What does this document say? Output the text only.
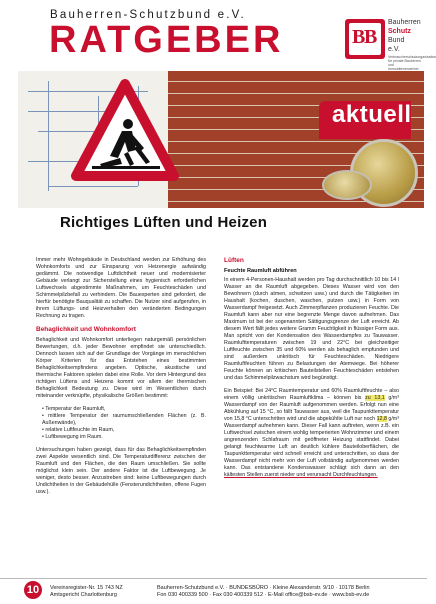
Bauherren-Schutzbund e.V.
RATGEBER	B
B
Bauherren
Schutz
Bund
e.V.
Verbraucherschutzorganisation für private Bauherren und Immobilienerwerber
aktuell
Richtiges Lüften und Heizen

Immer mehr Wohngebäude in Deutschland werden zur Erhöhung des Wohnkomforts und zur Einsparung von Heizenergie aufwändig gedämmt. Die notwendige Luftdichtheit neuer und modernisierter Gebäude verlangt zur Sicherstellung eines hygienisch erforderlichen Luftwechsels abgestimmte Maßnahmen, um Feuchteschäden und Schimmelpilzbefall zu verhindern. Die Bauexperten sind gefordert, die hierfür benötigte Bauqualität zu schaffen. Die Nutzer sind aufgerufen, in ihrem Lüftungs- und Heizverhalten den veränderten Bedingungen Rechnung zu tragen.

Behaglichkeit und Wohnkomfort

Behaglichkeit und Wohnkomfort unterliegen naturgemäß persönlichen Bewertungen, d.h. jeder Bewohner empfindet sie unterschiedlich. Dennoch lassen sich auf der Grundlage der Vorgänge im menschlichen Körper Kriterien für das Entstehen eines bestimmten Behaglichkeitsempfindens angeben. Optische, akustische und thermische Faktoren spielen dabei eine Rolle. Vor dem Hintergrund des richtigen Lüftens und Heizens kommt vor allem der thermischen Behaglichkeit Bedeutung zu. Diese wird im Wesentlichen durch miteinander verknüpfte, physikalische Größen bestimmt:

• Temperatur der Raumluft,
• mittlere Temperatur der raumumschließenden Flächen (z. B. Außenwände),
• relative Luftfeuchte im Raum,
• Luftbewegung im Raum.

Untersuchungen haben gezeigt, dass für das Behaglichkeitsempfinden zwei Aspekte wesentlich sind. Die Temperaturdifferenz zwischen der Raumluft und den Flächen, die den Raum umschließen. Sie sollte möglichst klein sein. Der andere Faktor ist die Luftbewegung. Je weniger, desto besser. Anzustreben sind: keine Luftbewegungen durch Undichtheiten in der Gebäudehülle (Fensterundichtheiten, offene Fugen usw.).

Lüften
Feuchte Raumluft abführen

In einem 4-Personen-Haushalt werden pro Tag durchschnittlich 10 bis 14 l Wasser an die Raumluft abgegeben. Dieses Wasser wird von den Bewohnern (durch atmen, schwitzen usw.) und durch die Tätigkeiten im Haushalt (kochen, duschen, waschen, putzen usw.) in Form von Wasserdampf freigesetzt. Auch Zimmerpflanzen produzieren Feuchte. Die Raumluft kann aber nur eine begrenzte Menge davon aufnehmen. Das Maximum ist bei der sogenannten Sättigungsgrenze der Luft erreicht. Ab diesem Wert fällt jedes weitere Gramm Feuchtigkeit in flüssiger Form aus. Man spricht von der Kondensation des Wasserdampfes zu Tauwasser. Raumlufttemperaturen zwischen 19 und 22°C bei gleichzeitiger Luftfeuchte zwischen 35 und 60% werden als behaglich empfunden und sind außerdem unkritisch für Feuchteschäden. Niedrigere Raumluftfeuchten führen zu Belastungen der Atemwege. Bei höherer Feuchte können an kritischen Bauteilstellen Feuchteschäden entstehen und das Schimmelpilzwachstum wird begünstigt.

Ein Beispiel: Bei 24°C Raumtemperatur und 60% Raumluftfeuchte – also einem völlig unkritischen Raumluftklima – können bis zu 13,1 g/m³ Wasserdampf von der Raumluft aufgenommen werden. Erfolgt nun eine Abkühlung auf 15 °C, so fällt Tauwasser aus, weil die Taupunkttemperatur von 15,8 °C unterschritten wird und die abgekühlte Luft nur noch 12,8 g/m³ Wasserdampf aufnehmen kann. Dieser Fall kann auftreten, wenn z.B. ein Luftwechsel zwischen einem wohlig temperierten Wohnzimmer und einem angrenzenden Schlafraum mit geöffneter Heizung stattfindet. Dabei gelangt feuchtwarme Luft an deutlich kühlere Bauteiloberflächen, die Taupunkttemperatur wird schnell erreicht und unterschritten, so dass der Wasserdampf nicht mehr von der Luft vollständig aufgenommen werden kann. Das entstandene Kondenswasser schlägt sich dann an den kältesten Stellen zuerst nieder und verursacht Durchfeuchtungen.

10	Vereinsregister-Nr. 15 743 NZ
Amtsgericht Charlottenburg
Bauherren-Schutzbund e.V. · BUNDESBÜRO · Kleine Alexanderstr. 9/10 · 10178 Berlin
Fon 030 400339 500 · Fax 030 400339 512 · E-Mail office@bsb-ev.de · www.bsb-ev.de
